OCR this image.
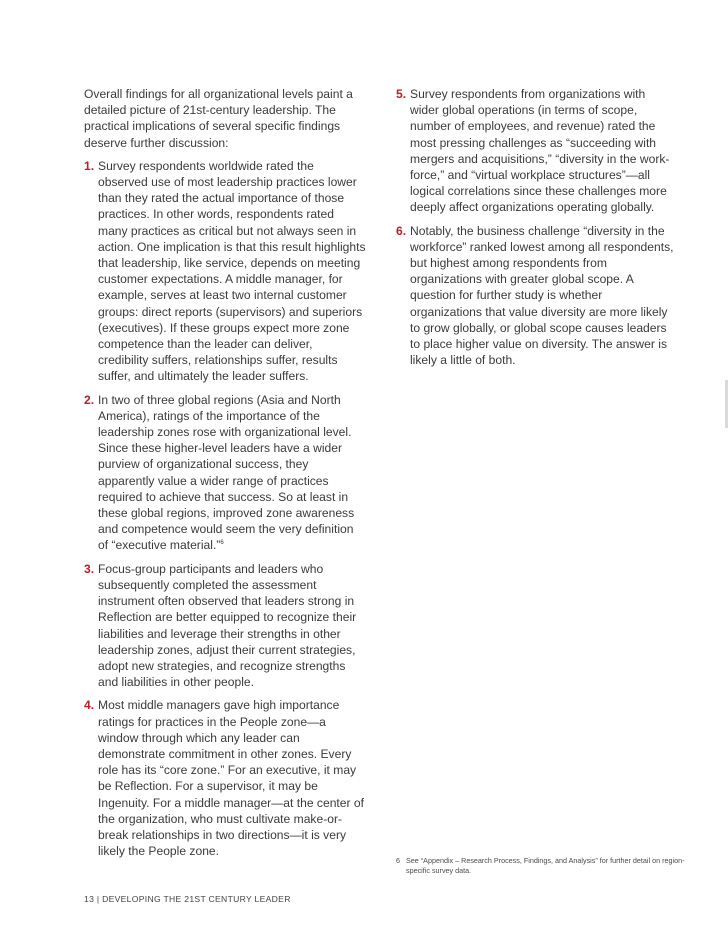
Overall findings for all organizational levels paint a detailed picture of 21st-century leadership. The practical implications of several specific findings deserve further discussion:

1. Survey respondents worldwide rated the observed use of most leadership practices lower than they rated the actual importance of those practices. In other words, respondents rated many practices as critical but not always seen in action. One implication is that this result highlights that leadership, like service, depends on meeting customer expectations. A middle manager, for example, serves at least two internal customer groups: direct reports (supervisors) and superiors (executives). If these groups expect more zone competence than the leader can deliver, credibility suffers, relationships suffer, results suffer, and ultimately the leader suffers.
2. In two of three global regions (Asia and North America), ratings of the importance of the leadership zones rose with organizational level. Since these higher-level leaders have a wider purview of organizational success, they apparently value a wider range of practices required to achieve that success. So at least in these global regions, improved zone awareness and competence would seem the very definition of “executive material.”$^6$
3. Focus-group participants and leaders who subsequently completed the assessment instrument often observed that leaders strong in Reflection are better equipped to recognize their liabilities and leverage their strengths in other leadership zones, adjust their current strategies, adopt new strategies, and recognize strengths and liabilities in other people.
4. Most middle managers gave high importance ratings for practices in the People zone—a window through which any leader can demonstrate commitment in other zones. Every role has its “core zone.” For an executive, it may be Reflection. For a supervisor, it may be Ingenuity. For a middle manager—at the center of the organization, who must cultivate make-or-break relationships in two directions—it is very likely the People zone.
5. Survey respondents from organizations with wider global operations (in terms of scope, number of employees, and revenue) rated the most pressing challenges as “succeeding with mergers and acquisitions,” “diversity in the work-force,” and “virtual workplace structures”—all logical correlations since these challenges more deeply affect organizations operating globally.
6. Notably, the business challenge “diversity in the workforce” ranked lowest among all respondents, but highest among respondents from organizations with greater global scope. A question for further study is whether organizations that value diversity are more likely to grow globally, or global scope causes leaders to place higher value on diversity. The answer is likely a little of both.
6 See “Appendix – Research Process, Findings, and Analysis” for further detail on region-specific survey data.
13 | DEVELOPING THE 21ST CENTURY LEADER
